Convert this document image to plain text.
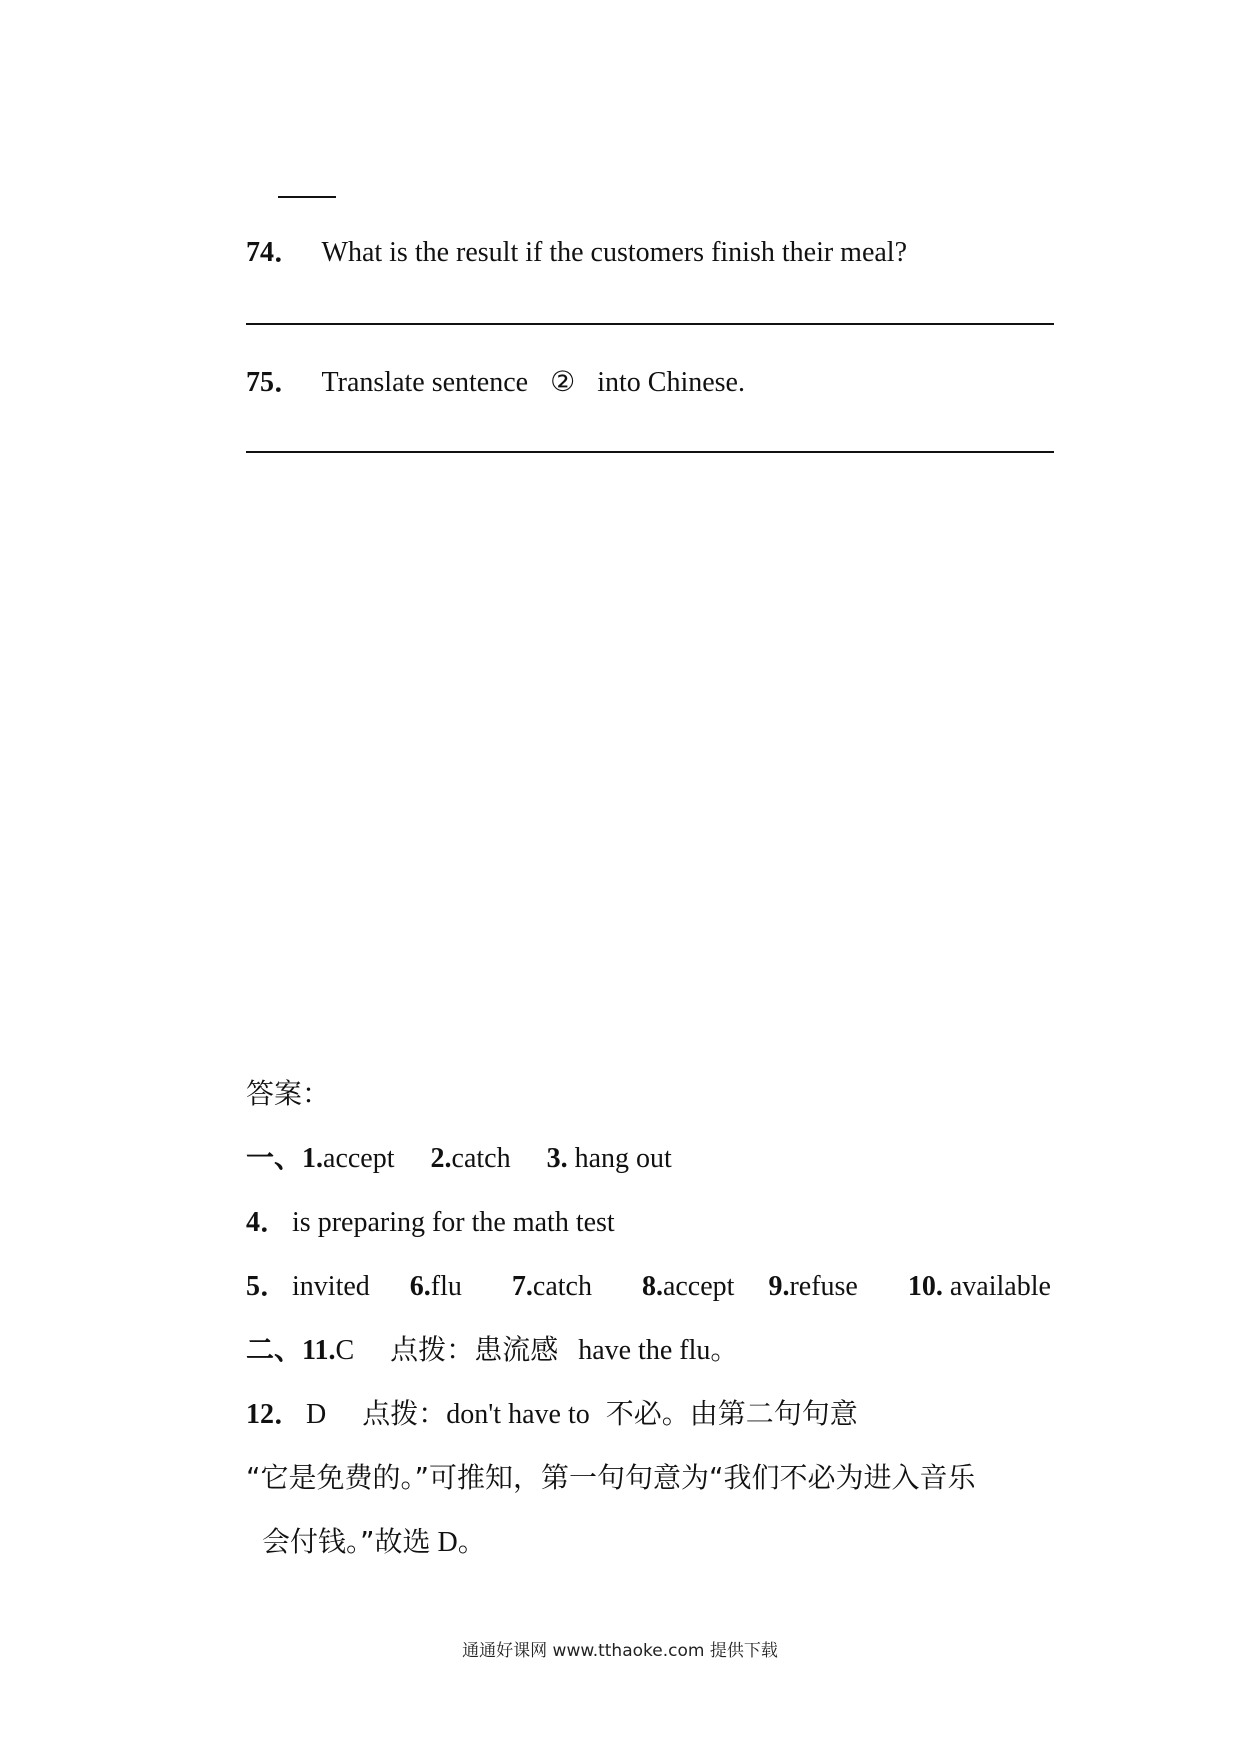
74． What is the result if the customers finish their meal?
75． Translate sentence ② into Chinese.
答案：
一、1.accept 2.catch 3. hang out
4． is preparing for the math test
5． invited 6.flu 7.catch 8.accept 9.refuse 10. available
二、11.C 点拨：患流感 have the flu。
12． D 点拨：don't have to 不必。由第二句句意
“它是免费的。”可推知，第一句句意为“我们不必为进入音乐
会付钱。”故选 D。
通通好课网 www.tthaoke.com 提供下载
